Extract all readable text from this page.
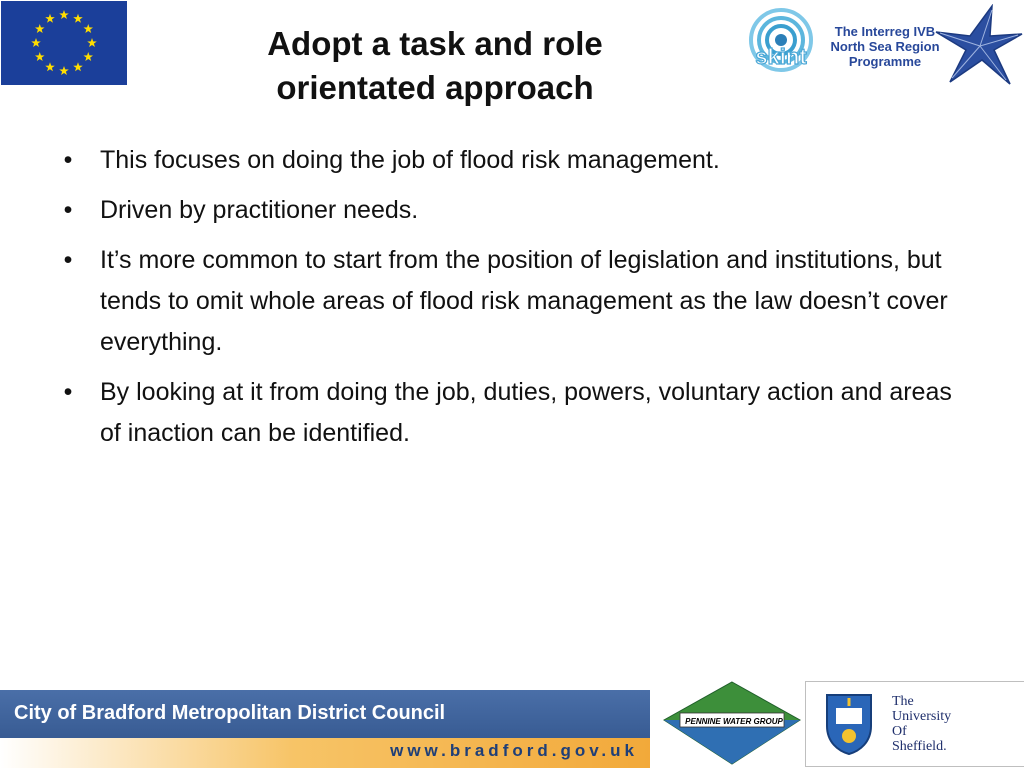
Adopt a task and role
orientated approach
skint
The Interreg IVB
North Sea Region
Programme
• This focuses on doing the job of flood risk management.
• Driven by practitioner needs.
• It’s more common to start from the position of legislation and institutions, but tends to omit whole areas of flood risk management as the law doesn’t cover everything.
• By looking at it from doing the job, duties, powers, voluntary action and areas of inaction can be identified.
City of Bradford Metropolitan District Council
www.bradford.gov.uk
PENNINE WATER GROUP
The
University
Of
Sheffield.
